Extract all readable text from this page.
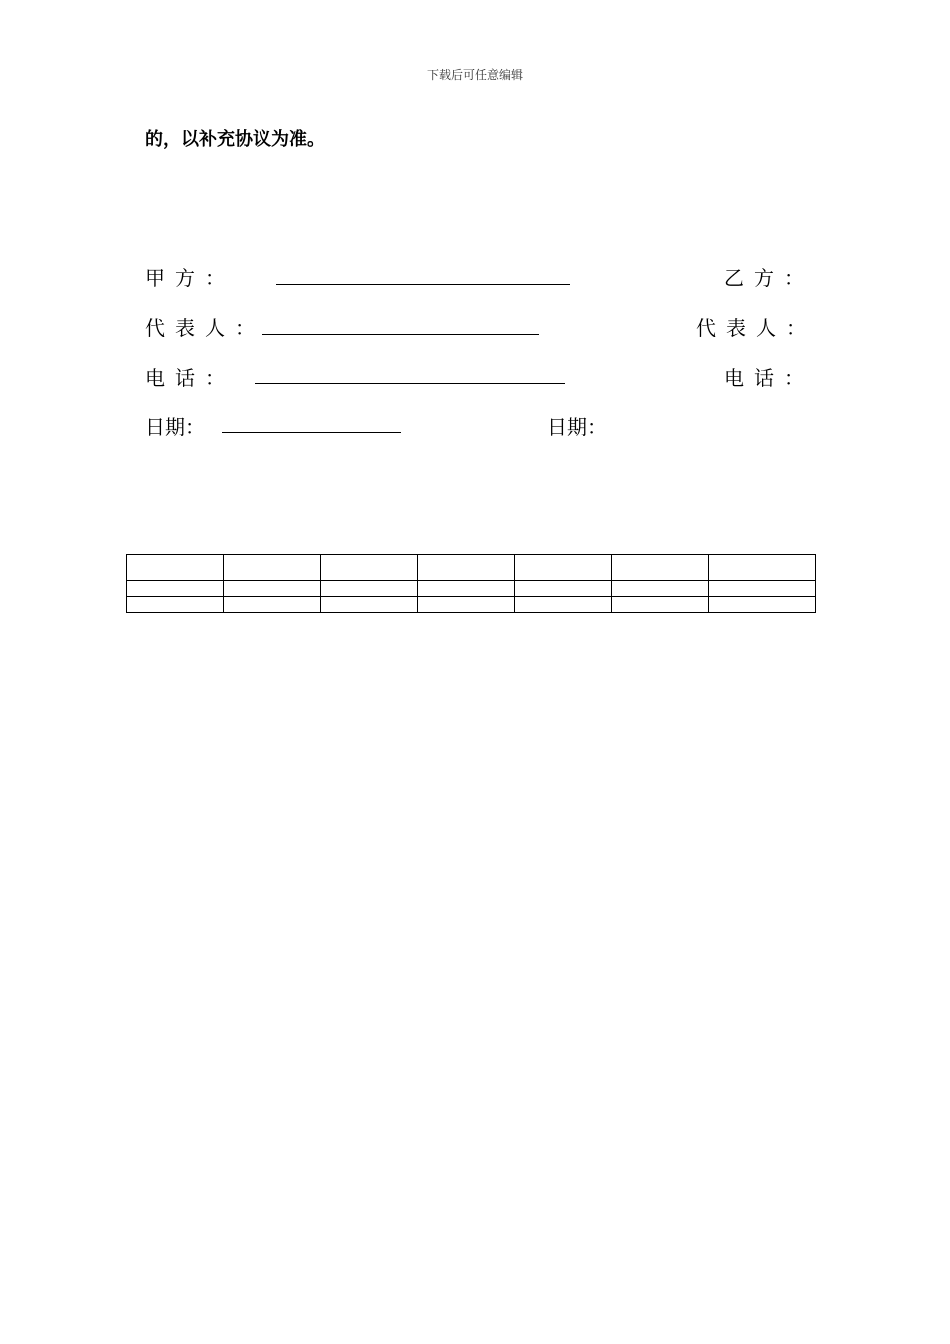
下载后可任意编辑
的，以补充协议为准。
甲方：	乙方：
代表人：	代表人：
电话：	电话：
日期：	日期：
